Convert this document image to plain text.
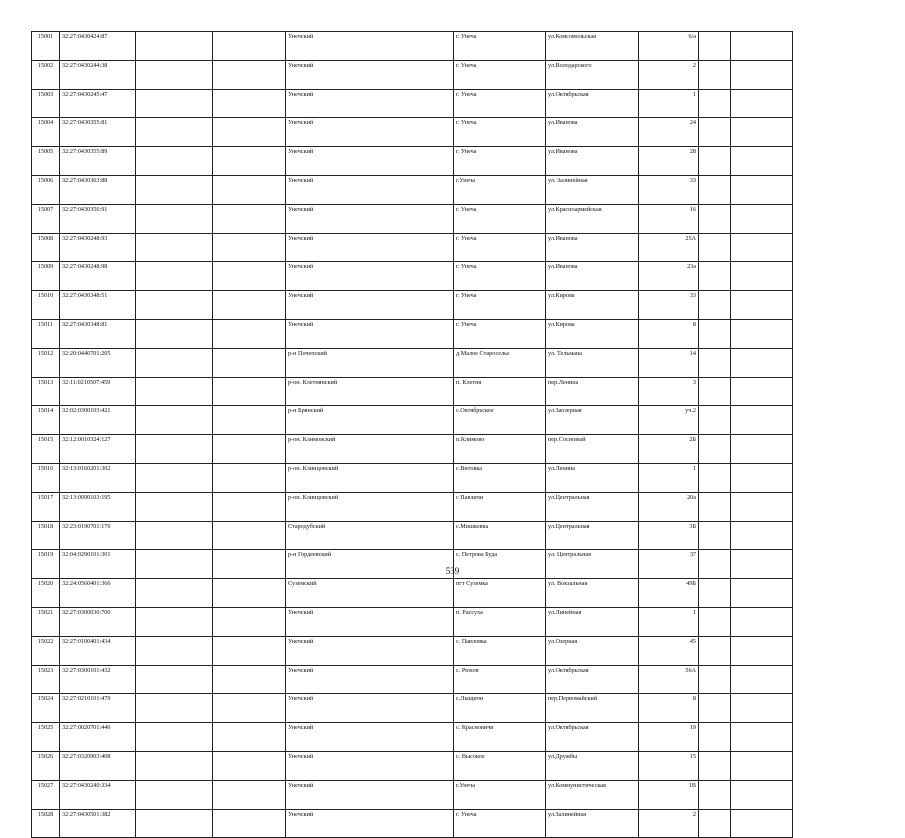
15001	32:27:0430424:87			Унечский	г. Унеча	ул.Комсомольская	6/а		
15002	32:27:0430244:38			Унечский	г. Унеча	ул.Володарского	2		
15003	32:27:0430245:47			Унечский	г. Унеча	ул.Октябрьская	1		
15004	32:27:0430355:81			Унечский	г. Унеча	ул.Иванова	24		
15005	32:27:0430355:89			Унечский	г. Унеча	ул.Иванова	28		
15006	32:27:0430363:88			Унечский	г.Унеча	ул. Залинейная	33		
15007	32:27:0430356:91			Унечский	г. Унеча	ул.Красноармейская	16		
15008	32:27:0430248:93			Унечский	г. Унеча	ул.Иванова	25А		
15009	32:27:0430248:98			Унечский	г. Унеча	ул.Иванова	23а		
15010	32:27:0430348:51			Унечский	г. Унеча	ул.Кирова	33		
15011	32:27:0430348:81			Унечский	г. Унеча	ул.Кирова	8		
15012	32:20:0440701:205			р-н Почепский	д.Малое Старосельє	ул. Тельмана	14		
15013	32:11:0210507:459			р-он. Клетнянский	п. Клетня	пер.Ленина	3		
15014	32:02:0300103:421			р-н Брянский	с.Октябрьское	ул.Заозерная	уч.2		
15015	32:12:0010324:127			р-он. Климовский	п.Климово	пер.Сосновый	2Б		
15016	32:13:0160201:302			р-он. Клинцовский	с.Витовка	ул.Ленина	1		
15017	32:13:0090103:195			р-он. Клинцовский	с Павличи	ул.Центральная	20а		
15018	32:23:0190701:170			Стародубский	с.Мишковка	ул.Центральная	3Б		
15019	32:04:0290101:301			р-н Гордеевский	с. Петрова Буда	ул. Центральная	37		
15020	32:24:0560401:366			Суземский	пгт Суземка	ул. Вокзальная	49Б		
15021	32:27:0300030:700			Унечский	п. Рассуха	ул.Линейная	1		
15022	32:27:0100401:434			Унечский	с. Павловка	ул.Озерная	45		
15023	32:27:0300101:432			Унечский	с. Рюхов	ул.Октябрьская	56А		
15024	32:27:0210101:479			Унечский	с.Лыщичи	пер.Первомайский	8		
15025	32:27:0020701:446			Унечский	с. Красновичи	ул.Октябрьская	19		
15026	32:27:0320903:408			Унечский	с. Высокое	ул.Дружбы	15		
15027	32:27:0430240:334			Унечский	г.Унеча	ул.Коммунистическая	1В		
15028	32:27:0430501:382			Унечский	г. Унеча	ул.Залинейная	2		
539
